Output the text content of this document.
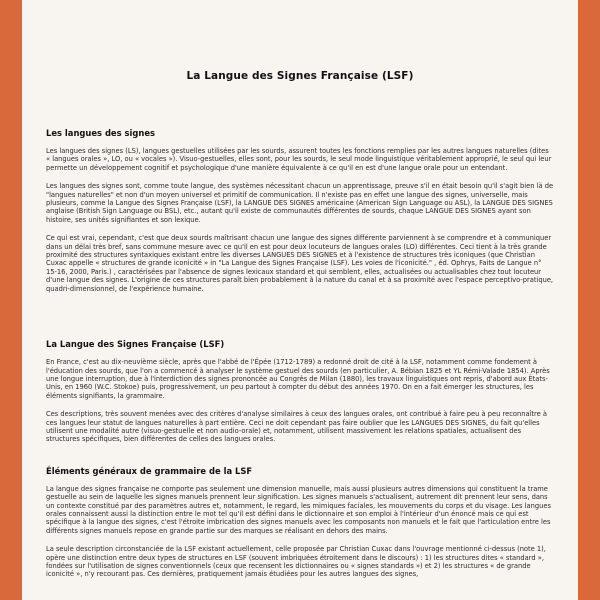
La Langue des Signes Française (LSF)
Les langues des signes

Les langues des signes (LS), langues gestuelles utilisées par les sourds, assurent toutes les fonctions remplies par les autres langues naturelles (dites « langues orales », LO, ou « vocales »). Visuo-gestuelles, elles sont, pour les sourds, le seul mode linguistique véritablement approprié, le seul qui leur permette un développement cognitif et psychologique d'une manière équivalente à ce qu'il en est d'une langue orale pour un entendant.

Les langues des signes sont, comme toute langue, des systèmes nécessitant chacun un apprentissage, preuve s'il en était besoin qu'il s'agit bien là de "langues naturelles" et non d'un moyen universel et primitif de communication. Il n'existe pas en effet une langue des signes, universelle, mais plusieurs, comme la Langue des Signes Française (LSF), la LANGUE DES SIGNES américaine (American Sign Language ou ASL), la LANGUE DES SIGNES anglaise (British Sign Language ou BSL), etc., autant qu'il existe de communautés différentes de sourds, chaque LANGUE DES SIGNES ayant son histoire, ses unités signifiantes et son lexique.

Ce qui est vrai, cependant, c'est que deux sourds maîtrisant chacun une langue des signes différente parviennent à se comprendre et à communiquer dans un délai très bref, sans commune mesure avec ce qu'il en est pour deux locuteurs de langues orales (LO) différentes. Ceci tient à la très grande proximité des structures syntaxiques existant entre les diverses LANGUES DES SIGNES et à l'existence de structures très iconiques (que Christian Cuxac appelle « structures de grande iconicité » in "La Langue des Signes Française (LSF). Les voies de l'iconicité." , éd. Ophrys, Faits de Langue n° 15-16, 2000, Paris.) , caractérisées par l'absence de signes lexicaux standard et qui semblent, elles, actualisées ou actualisables chez tout locuteur d'une langue des signes. L'origine de ces structures paraît bien probablement à la nature du canal et à sa proximité avec l'espace perceptivo-pratique, quadri-dimensionnel, de l'expérience humaine.

La Langue des Signes Française (LSF)

En France, c'est au dix-neuvième siècle, après que l'abbé de l'Épée (1712-1789) a redonné droit de cité à la LSF, notamment comme fondement à l'éducation des sourds, que l'on a commencé à analyser le système gestuel des sourds (en particulier, A. Bébian 1825 et YL Rémi-Valade 1854). Après une longue interruption, due à l'interdiction des signes prononcée au Congrès de Milan (1880), les travaux linguistiques ont repris, d'abord aux États-Unis, en 1960 (W.C. Stokoe) puis, progressivement, un peu partout à compter du début des années 1970. On en a fait émerger les structures, les éléments signifiants, la grammaire.

Ces descriptions, très souvent menées avec des critères d'analyse similaires à ceux des langues orales, ont contribué à faire peu à peu reconnaître à ces langues leur statut de langues naturelles à part entière. Ceci ne doit cependant pas faire oublier que les LANGUES DES SIGNES, du fait qu'elles utilisent une modalité autre (visuo-gestuelle et non audio-orale) et, notamment, utilisent massivement les relations spatiales, actualisent des structures spécifiques, bien différentes de celles des langues orales.

Éléments généraux de grammaire de la LSF

La langue des signes française ne comporte pas seulement une dimension manuelle, mais aussi plusieurs autres dimensions qui constituent la trame gestuelle au sein de laquelle les signes manuels prennent leur signification. Les signes manuels s'actualisent, autrement dit prennent leur sens, dans un contexte constitué par des paramètres autres et, notamment, le regard, les mimiques faciales, les mouvements du corps et du visage. Les langues orales connaissent aussi la distinction entre le mot tel qu'il est défini dans le dictionnaire et son emploi à l'intérieur d'un énoncé mais ce qui est spécifique à la langue des signes, c'est l'étroite imbrication des signes manuels avec les composants non manuels et le fait que l'articulation entre les différents signes manuels repose en grande partie sur des marques se réalisant en dehors des mains.

La seule description circonstanciée de la LSF existant actuellement, celle proposée par Christian Cuxac dans l'ouvrage mentionné ci-dessus (note 1), opère une distinction entre deux types de structures en LSF (souvent imbriquées étroitement dans le discours) : 1) les structures dites « standard », fondées sur l'utilisation de signes conventionnels (ceux que recensent les dictionnaires ou « signes standards ») et 2) les structures « de grande iconicité », n'y recourant pas. Ces dernières, pratiquement jamais étudiées pour les autres langues des signes,
